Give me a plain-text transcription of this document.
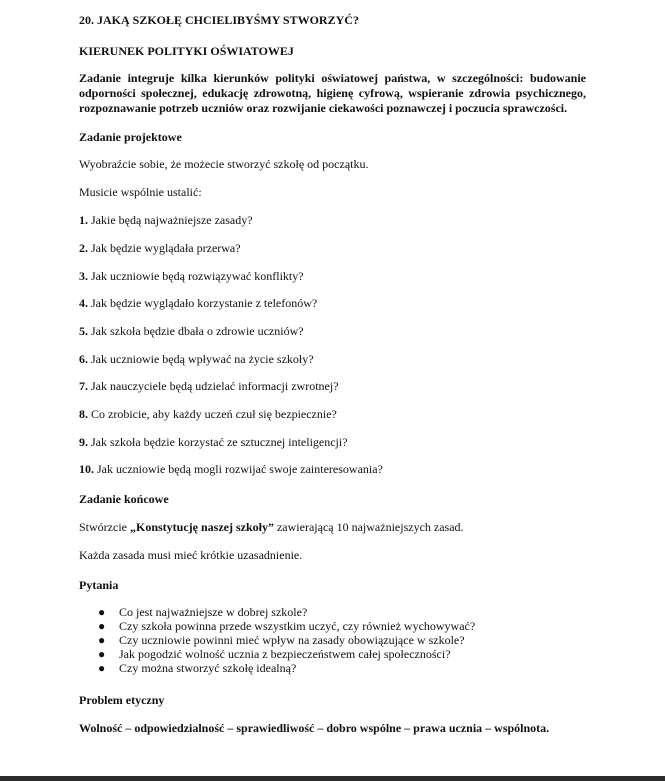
20. JAKĄ SZKOŁĘ CHCIELIBYŚMY STWORZYĆ?
KIERUNEK POLITYKI OŚWIATOWEJ
Zadanie integruje kilka kierunków polityki oświatowej państwa, w szczególności: budowanie odporności społecznej, edukację zdrowotną, higienę cyfrową, wspieranie zdrowia psychicznego, rozpoznawanie potrzeb uczniów oraz rozwijanie ciekawości poznawczej i poczucia sprawczości.
Zadanie projektowe
Wyobraźcie sobie, że możecie stworzyć szkołę od początku.
Musicie wspólnie ustalić:
1. Jakie będą najważniejsze zasady?
2. Jak będzie wyglądała przerwa?
3. Jak uczniowie będą rozwiązywać konflikty?
4. Jak będzie wyglądało korzystanie z telefonów?
5. Jak szkoła będzie dbała o zdrowie uczniów?
6. Jak uczniowie będą wpływać na życie szkoły?
7. Jak nauczyciele będą udzielać informacji zwrotnej?
8. Co zrobicie, aby każdy uczeń czuł się bezpiecznie?
9. Jak szkoła będzie korzystać ze sztucznej inteligencji?
10. Jak uczniowie będą mogli rozwijać swoje zainteresowania?
Zadanie końcowe
Stwórzcie „Konstytucję naszej szkoły” zawierającą 10 najważniejszych zasad.
Każda zasada musi mieć krótkie uzasadnienie.
Pytania
● Co jest najważniejsze w dobrej szkole?
● Czy szkoła powinna przede wszystkim uczyć, czy również wychowywać?
● Czy uczniowie powinni mieć wpływ na zasady obowiązujące w szkole?
● Jak pogodzić wolność ucznia z bezpieczeństwem całej społeczności?
● Czy można stworzyć szkołę idealną?
Problem etyczny
Wolność – odpowiedzialność – sprawiedliwość – dobro wspólne – prawa ucznia – wspólnota.
